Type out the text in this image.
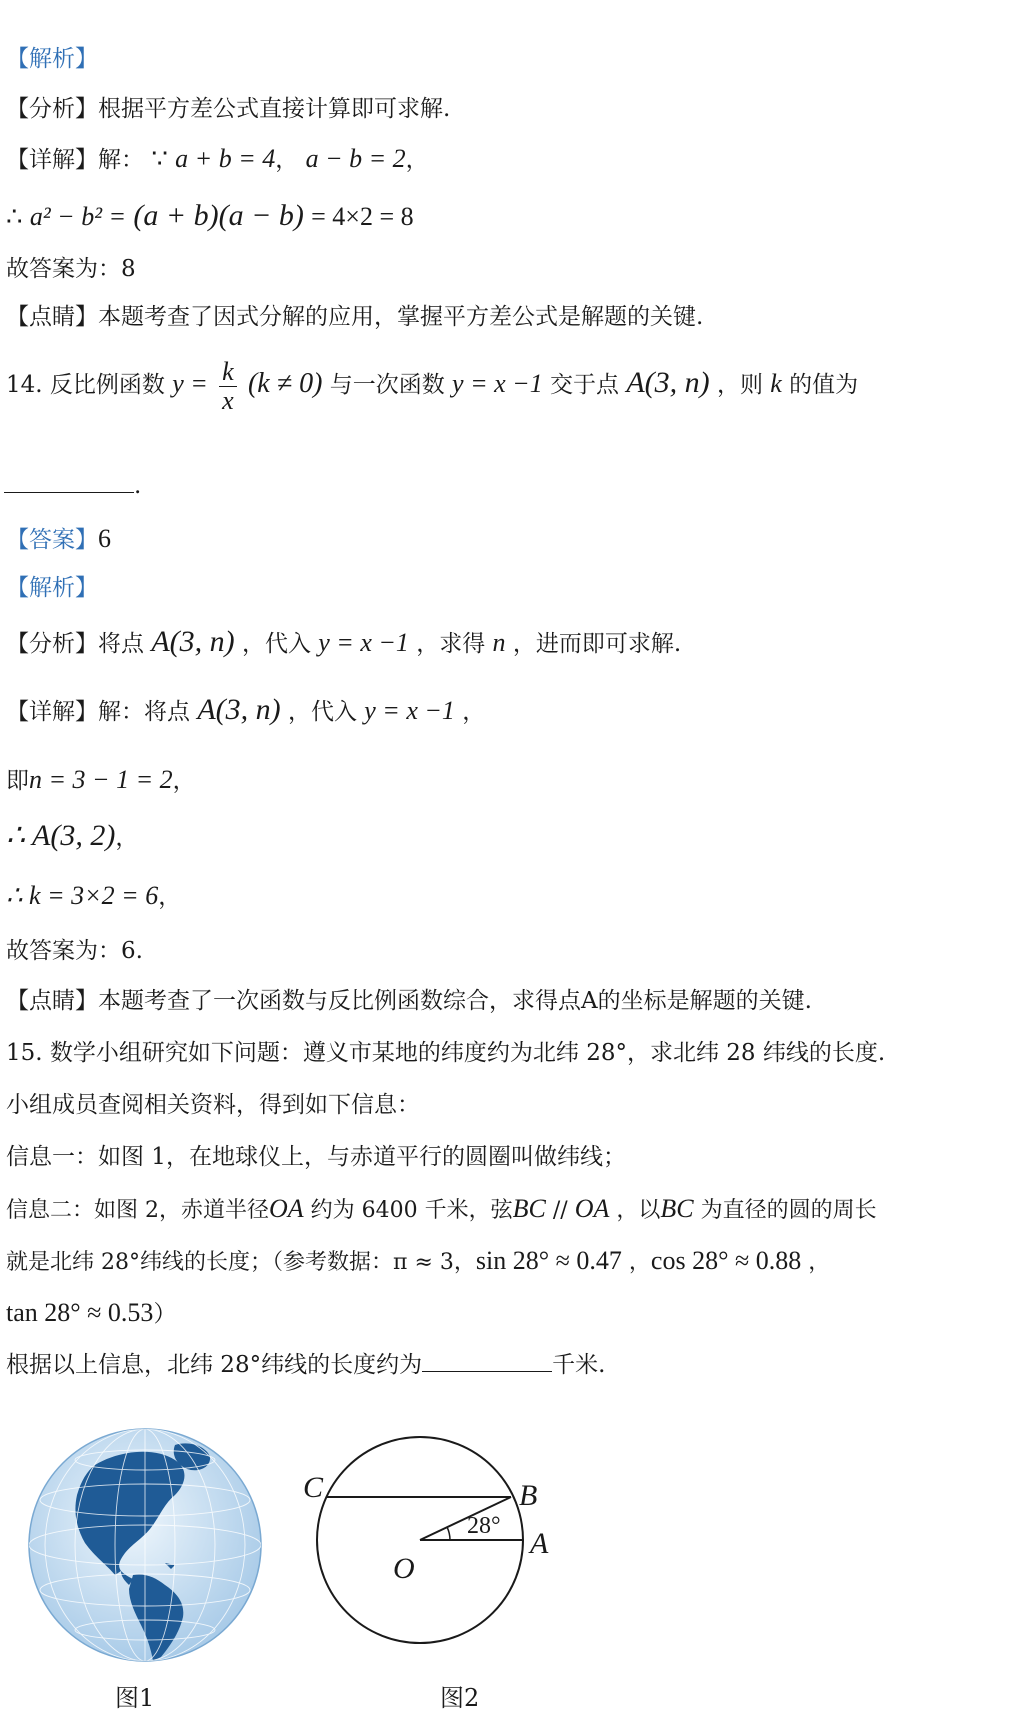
【解析】
【分析】根据平方差公式直接计算即可求解.
【详解】解： ∵ a + b = 4， a − b = 2，
∴ a² − b² = (a + b)(a − b) = 4×2 = 8
故答案为：8
【点睛】本题考查了因式分解的应用，掌握平方差公式是解题的关键.
14. 反比例函数 $y = \frac{k}{x} (k \ne 0)$ 与一次函数 y = x −1 交于点 A(3, n) ，则 k 的值为
.
【答案】6
【解析】
【分析】将点 A(3, n) ，代入 y = x −1 ，求得 n ，进而即可求解.
【详解】解：将点 A(3, n) ，代入 y = x −1 ，
即n = 3 − 1 = 2，
∴ A(3, 2)，
∴ k = 3×2 = 6，
故答案为：6.
【点睛】本题考查了一次函数与反比例函数综合，求得点A的坐标是解题的关键.
15. 数学小组研究如下问题：遵义市某地的纬度约为北纬 28°，求北纬 28 纬线的长度.
小组成员查阅相关资料，得到如下信息：
信息一：如图 1，在地球仪上，与赤道平行的圆圈叫做纬线；
信息二：如图 2，赤道半径OA 约为 6400 千米，弦BC // OA ，以BC 为直径的圆的周长
就是北纬 28°纬线的长度；（参考数据：π ≈ 3，sin 28° ≈ 0.47 ，cos 28° ≈ 0.88 ，
tan 28° ≈ 0.53）
根据以上信息，北纬 28°纬线的长度约为	千米.
图1
C	B
A
O
28°
图2
